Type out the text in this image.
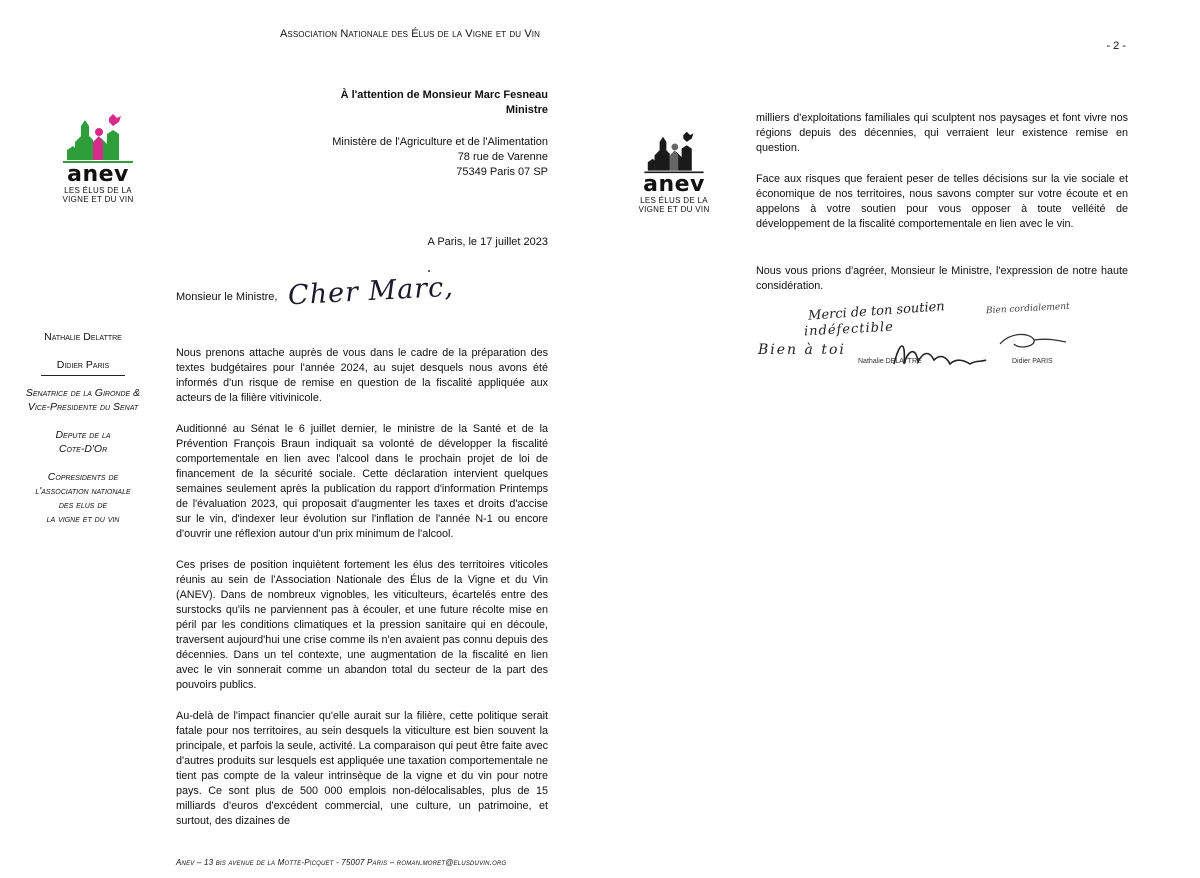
Association Nationale des Élus de la Vigne et du Vin
anev
LES ÉLUS DE LA
VIGNE ET DU VIN
À l'attention de Monsieur Marc Fesneau
Ministre
Ministère de l'Agriculture et de l'Alimentation
78 rue de Varenne
75349 Paris 07 SP
A Paris, le 17 juillet 2023
Monsieur le Ministre, Cher Marc,

Nathalie Delattre

Didier Paris

Senatrice de la Gironde &
Vice-Presidente du Senat

Depute de la
Cote-D'Or

Copresidents de
l'association nationale
des elus de
la vigne et du vin

Nous prenons attache auprès de vous dans le cadre de la préparation des textes budgétaires pour l'année 2024, au sujet desquels nous avons été informés d'un risque de remise en question de la fiscalité appliquée aux acteurs de la filière vitivinicole.

Auditionné au Sénat le 6 juillet dernier, le ministre de la Santé et de la Prévention François Braun indiquait sa volonté de développer la fiscalité comportementale en lien avec l'alcool dans le prochain projet de loi de financement de la sécurité sociale. Cette déclaration intervient quelques semaines seulement après la publication du rapport d'information Printemps de l'évaluation 2023, qui proposait d'augmenter les taxes et droits d'accise sur le vin, d'indexer leur évolution sur l'inflation de l'année N-1 ou encore d'ouvrir une réflexion autour d'un prix minimum de l'alcool.

Ces prises de position inquiètent fortement les élus des territoires viticoles réunis au sein de l'Association Nationale des Élus de la Vigne et du Vin (ANEV). Dans de nombreux vignobles, les viticulteurs, écartelés entre des surstocks qu'ils ne parviennent pas à écouler, et une future récolte mise en péril par les conditions climatiques et la pression sanitaire qui en découle, traversent aujourd'hui une crise comme ils n'en avaient pas connu depuis des décennies. Dans un tel contexte, une augmentation de la fiscalité en lien avec le vin sonnerait comme un abandon total du secteur de la part des pouvoirs publics.

Au-delà de l'impact financier qu'elle aurait sur la filière, cette politique serait fatale pour nos territoires, au sein desquels la viticulture est bien souvent la principale, et parfois la seule, activité. La comparaison qui peut être faite avec d'autres produits sur lesquels est appliquée une taxation comportementale ne tient pas compte de la valeur intrinsèque de la vigne et du vin pour notre pays. Ce sont plus de 500 000 emplois non-délocalisables, plus de 15 milliards d'euros d'excédent commercial, une culture, un patrimoine, et surtout, des dizaines de

Anev – 13 bis avenue de la Motte-Picquet - 75007 Paris – roman.moret@elusduvin.org
- 2 -
anev
LES ÉLUS DE LA
VIGNE ET DU VIN

milliers d'exploitations familiales qui sculptent nos paysages et font vivre nos régions depuis des décennies, qui verraient leur existence remise en question.

Face aux risques que feraient peser de telles décisions sur la vie sociale et économique de nos territoires, nous savons compter sur votre écoute et en appelons à votre soutien pour vous opposer à toute velléité de développement de la fiscalité comportementale en lien avec le vin.

Nous vous prions d'agréer, Monsieur le Ministre, l'expression de notre haute considération.

Merci de ton soutien
indéfectible
Bien à toi
Bien cordialement
Nathalie DELATTRE	Didier PARIS
